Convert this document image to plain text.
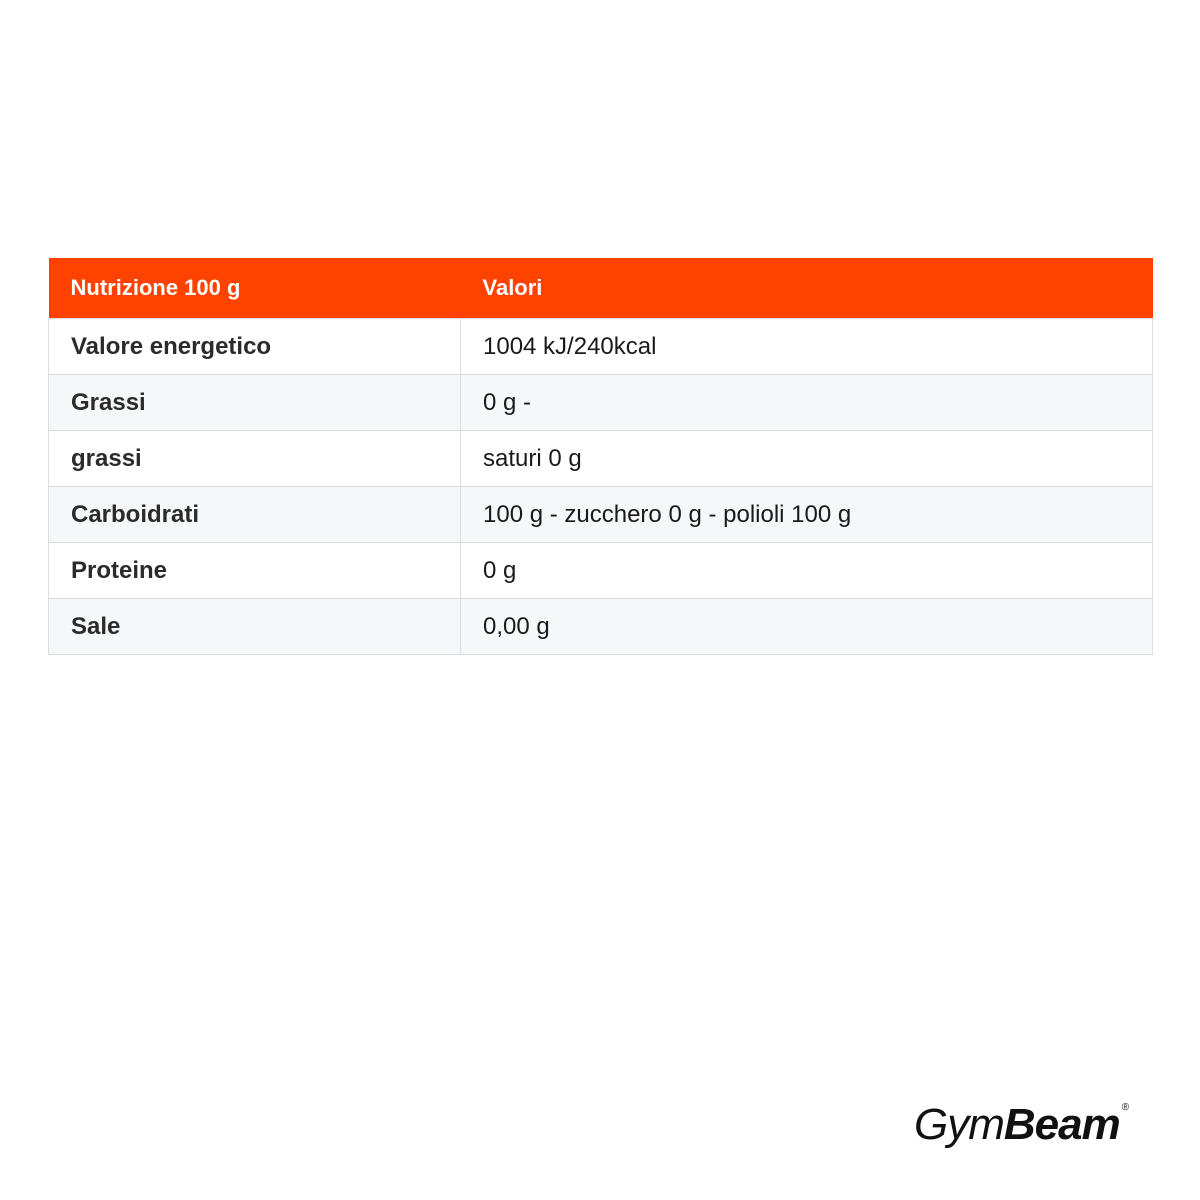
Nutrizione 100 g	Valori
Valore energetico	1004 kJ/240kcal
Grassi	0 g -
grassi	saturi 0 g
Carboidrati	100 g - zucchero 0 g - polioli 100 g
Proteine	0 g
Sale	0,00 g
Gym Beam ®
